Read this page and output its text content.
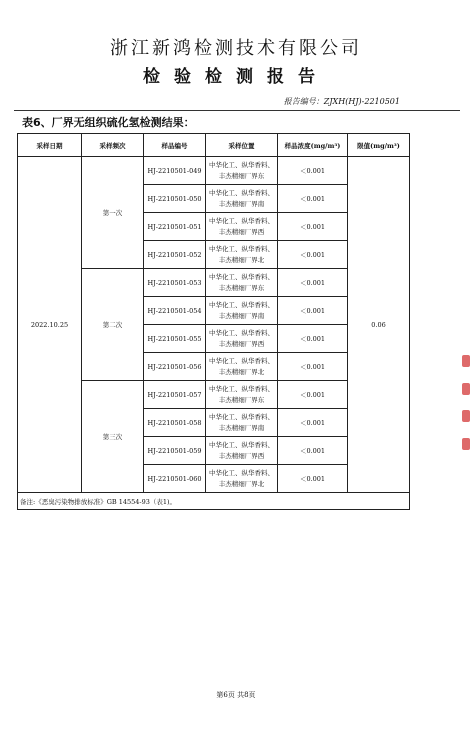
浙江新鸿检测技术有限公司
检验检测报告
报告编号：ZJXH(HJ)-2210501
表6、厂界无组织硫化氢检测结果：
采样日期	采样频次	样品编号	采样位置	样品浓度(mg/m³)	限值(mg/m³)
2022.10.25	第一次	HJ-2210501-049	中华化工、纵华香料、
丰杰精细厂界东	＜0.001	0.06
		HJ-2210501-050	中华化工、纵华香料、
丰杰精细厂界南	＜0.001	
		HJ-2210501-051	中华化工、纵华香料、
丰杰精细厂界西	＜0.001	
		HJ-2210501-052	中华化工、纵华香料、
丰杰精细厂界北	＜0.001	
	第二次	HJ-2210501-053	中华化工、纵华香料、
丰杰精细厂界东	＜0.001	
		HJ-2210501-054	中华化工、纵华香料、
丰杰精细厂界南	＜0.001	
		HJ-2210501-055	中华化工、纵华香料、
丰杰精细厂界西	＜0.001	
		HJ-2210501-056	中华化工、纵华香料、
丰杰精细厂界北	＜0.001	
	第三次	HJ-2210501-057	中华化工、纵华香料、
丰杰精细厂界东	＜0.001	
		HJ-2210501-058	中华化工、纵华香料、
丰杰精细厂界南	＜0.001	
		HJ-2210501-059	中华化工、纵华香料、
丰杰精细厂界西	＜0.001	
		HJ-2210501-060	中华化工、纵华香料、
丰杰精细厂界北	＜0.001	
备注:《恶臭污染物排放标准》GB 14554-93（表1)。					
第6页 共8页
